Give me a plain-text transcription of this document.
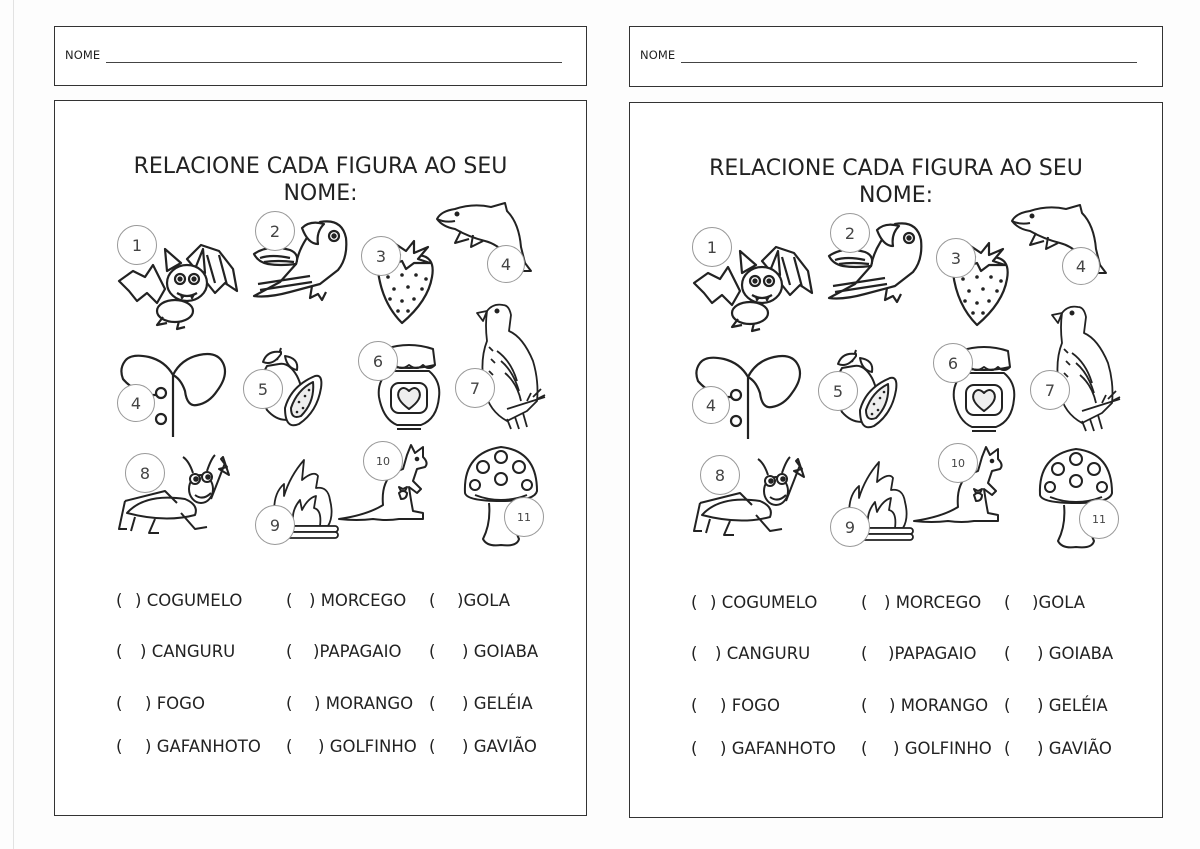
NOME
RELACIONE CADA FIGURA AO SEU
NOME:
1
2
3	4
4
5
6
7
8
9
10
11
( ) COGUMELO	( ) MORCEGO ( )GOLA
( ) CANGURU	( )PAPAGAIO ( ) GOIABA
( ) FOGO	( ) MORANGO ( ) GELÉIA
( ) GAFANHOTO ( ) GOLFINHO ( ) GAVIÃO
NOME
RELACIONE CADA FIGURA AO SEU
NOME:
1
2
3	4
4
5
6
7
8
9
10
11
( ) COGUMELO	( ) MORCEGO ( )GOLA
( ) CANGURU	( )PAPAGAIO ( ) GOIABA
( ) FOGO	( ) MORANGO ( ) GELÉIA
( ) GAFANHOTO ( ) GOLFINHO ( ) GAVIÃO
